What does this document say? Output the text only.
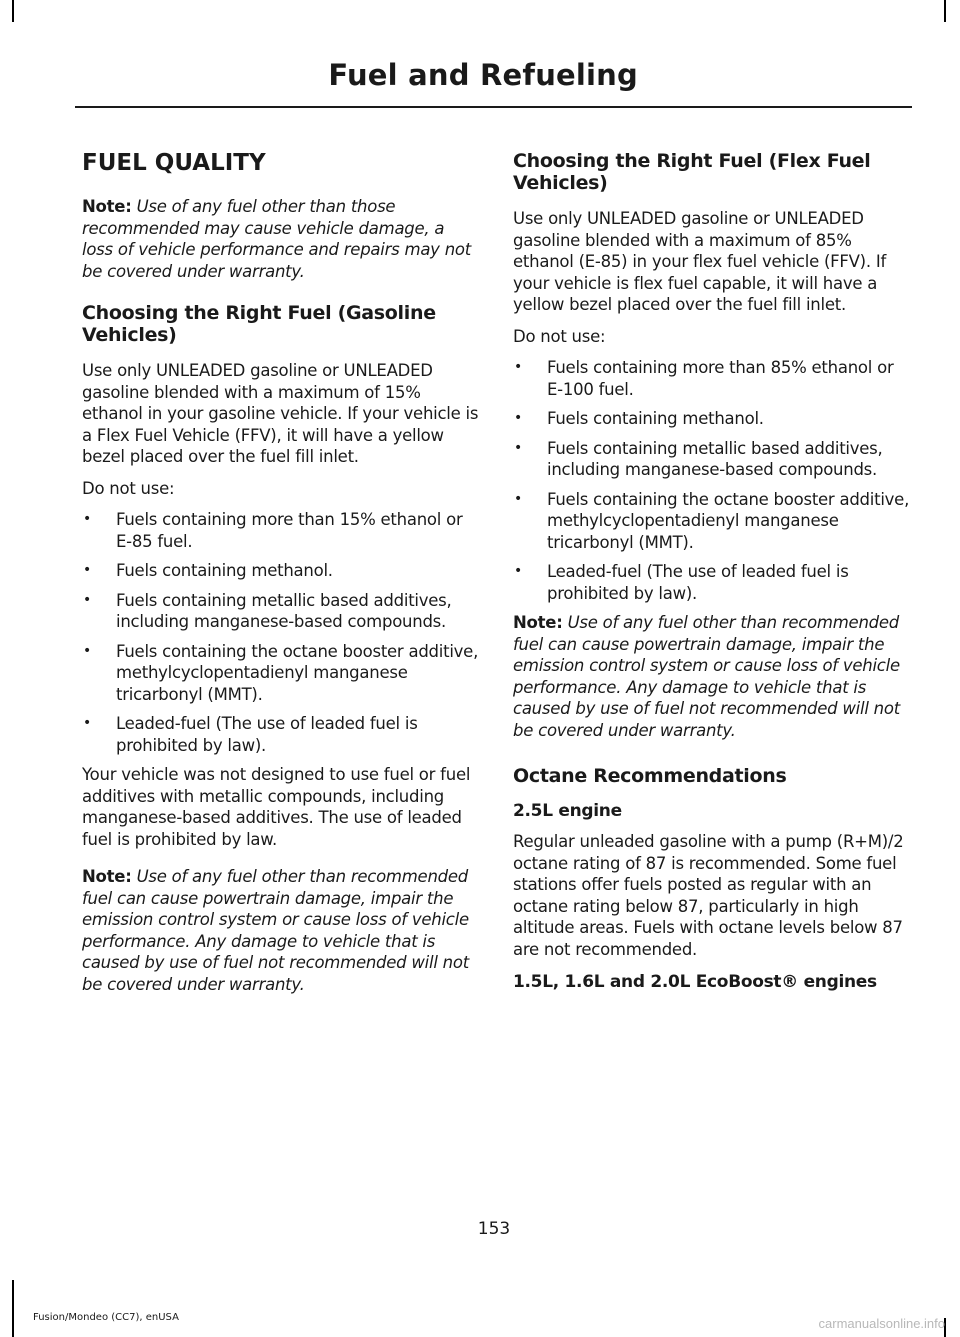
Fuel and Refueling
FUEL QUALITY

Note: Use of any fuel other than those recommended may cause vehicle damage, a loss of vehicle performance and repairs may not be covered under warranty.

Choosing the Right Fuel (Gasoline Vehicles)

Use only UNLEADED gasoline or UNLEADED gasoline blended with a maximum of 15% ethanol in your gasoline vehicle. If your vehicle is a Flex Fuel Vehicle (FFV), it will have a yellow bezel placed over the fuel fill inlet.

Do not use:

• Fuels containing more than 15% ethanol or E-85 fuel.
• Fuels containing methanol.
• Fuels containing metallic based additives, including manganese-based compounds.
• Fuels containing the octane booster additive, methylcyclopentadienyl manganese tricarbonyl (MMT).
• Leaded-fuel (The use of leaded fuel is prohibited by law).

Your vehicle was not designed to use fuel or fuel additives with metallic compounds, including manganese-based additives. The use of leaded fuel is prohibited by law.

Note: Use of any fuel other than recommended fuel can cause powertrain damage, impair the emission control system or cause loss of vehicle performance. Any damage to vehicle that is caused by use of fuel not recommended will not be covered under warranty.

Choosing the Right Fuel (Flex Fuel Vehicles)

Use only UNLEADED gasoline or UNLEADED gasoline blended with a maximum of 85% ethanol (E-85) in your flex fuel vehicle (FFV). If your vehicle is flex fuel capable, it will have a yellow bezel placed over the fuel fill inlet.

Do not use:

• Fuels containing more than 85% ethanol or E-100 fuel.
• Fuels containing methanol.
• Fuels containing metallic based additives, including manganese-based compounds.
• Fuels containing the octane booster additive, methylcyclopentadienyl manganese tricarbonyl (MMT).
• Leaded-fuel (The use of leaded fuel is prohibited by law).

Note: Use of any fuel other than recommended fuel can cause powertrain damage, impair the emission control system or cause loss of vehicle performance. Any damage to vehicle that is caused by use of fuel not recommended will not be covered under warranty.

Octane Recommendations
2.5L engine

Regular unleaded gasoline with a pump (R+M)/2 octane rating of 87 is recommended. Some fuel stations offer fuels posted as regular with an octane rating below 87, particularly in high altitude areas. Fuels with octane levels below 87 are not recommended.

1.5L, 1.6L and 2.0L EcoBoost® engines
153
Fusion/Mondeo (CC7), enUSA	carmanualsonline.info
